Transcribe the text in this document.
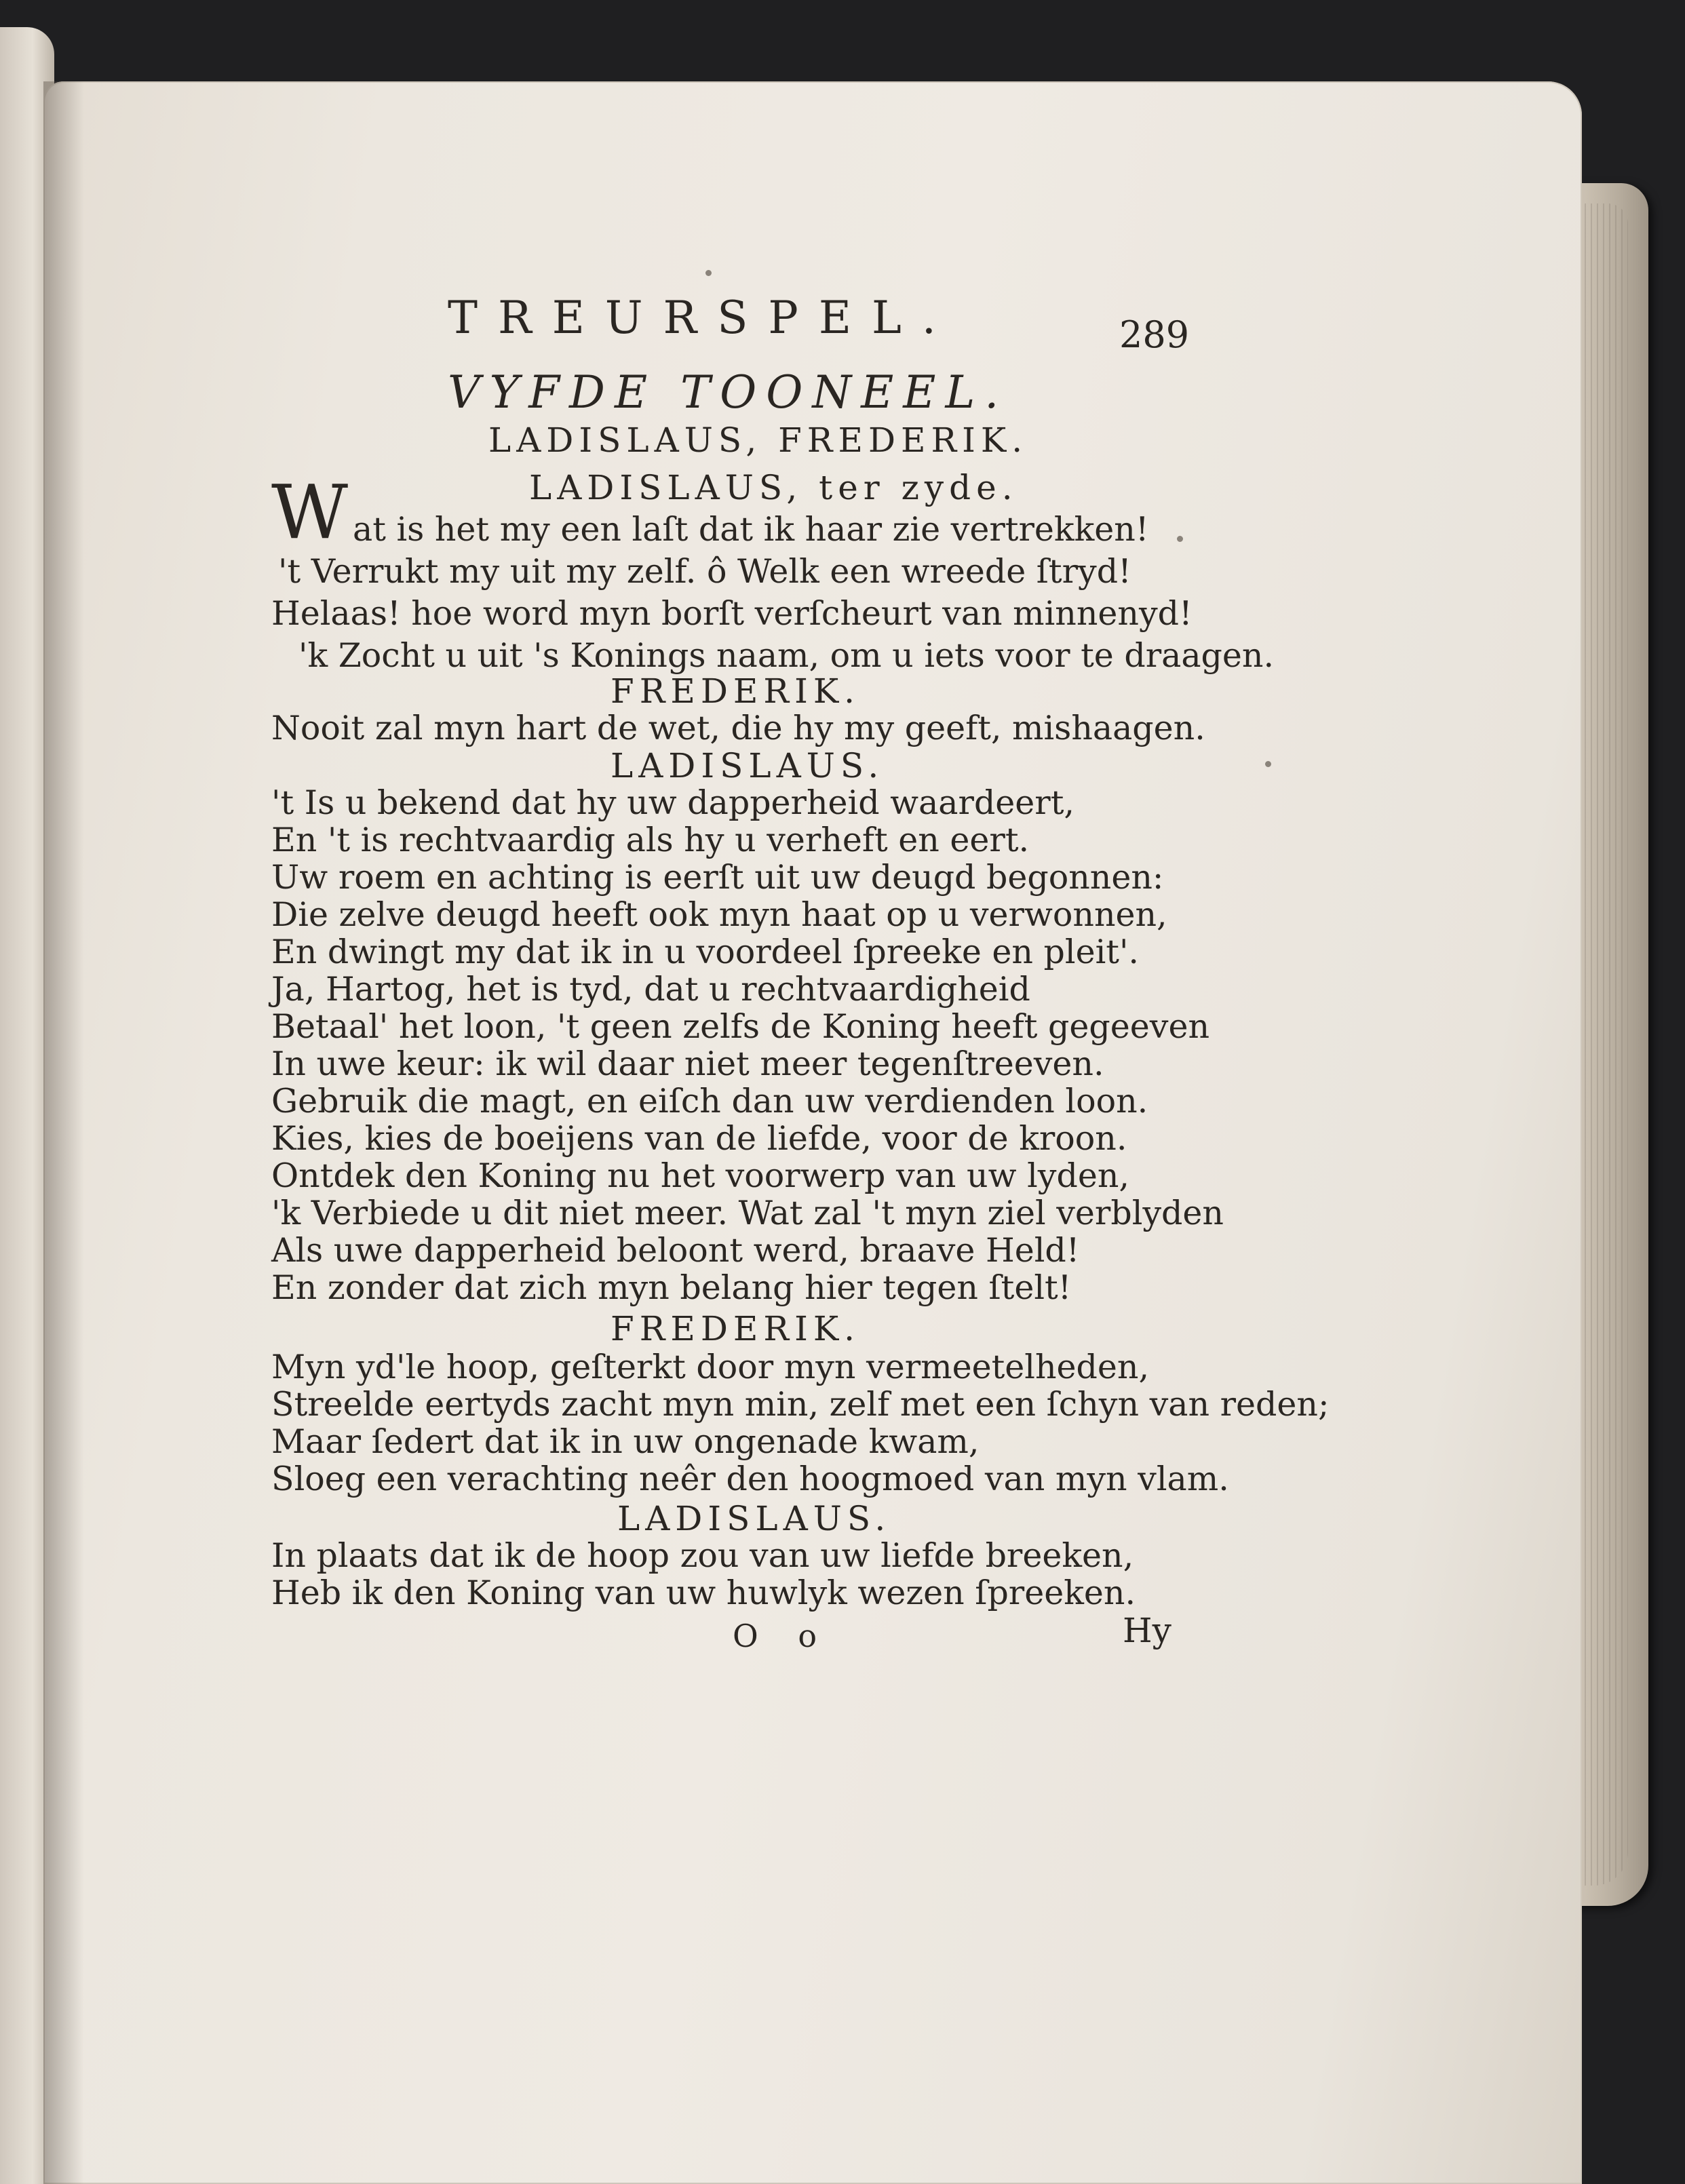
TREURSPEL.	289
VYFDE TOONEEL.
LADISLAUS, FREDERIK.
LADISLAUS, ter zyde.
W at is het my een laſt dat ik haar zie vertrekken!
't Verrukt my uit my zelf. ô Welk een wreede ſtryd!
Helaas! hoe word myn borſt verſcheurt van minnenyd!
'k Zocht u uit 's Konings naam, om u iets voor te draagen.
FREDERIK.
Nooit zal myn hart de wet, die hy my geeft, mishaagen.
LADISLAUS.
't Is u bekend dat hy uw dapperheid waardeert,
En 't is rechtvaardig als hy u verheft en eert.
Uw roem en achting is eerſt uit uw deugd begonnen:
Die zelve deugd heeft ook myn haat op u verwonnen,
En dwingt my dat ik in u voordeel ſpreeke en pleit'.
Ja, Hartog, het is tyd, dat u rechtvaardigheid
Betaal' het loon, 't geen zelfs de Koning heeft gegeeven
In uwe keur: ik wil daar niet meer tegenſtreeven.
Gebruik die magt, en eiſch dan uw verdienden loon.
Kies, kies de boeijens van de liefde, voor de kroon.
Ontdek den Koning nu het voorwerp van uw lyden,
'k Verbiede u dit niet meer. Wat zal 't myn ziel verblyden
Als uwe dapperheid beloont werd, braave Held!
En zonder dat zich myn belang hier tegen ſtelt!
FREDERIK.
Myn yd'le hoop, geſterkt door myn vermeetelheden,
Streelde eertyds zacht myn min, zelf met een ſchyn van reden;
Maar ſedert dat ik in uw ongenade kwam,
Sloeg een verachting neêr den hoogmoed van myn vlam.
LADISLAUS.
In plaats dat ik de hoop zou van uw liefde breeken,
Heb ik den Koning van uw huwlyk wezen ſpreeken.
O o	Hy
